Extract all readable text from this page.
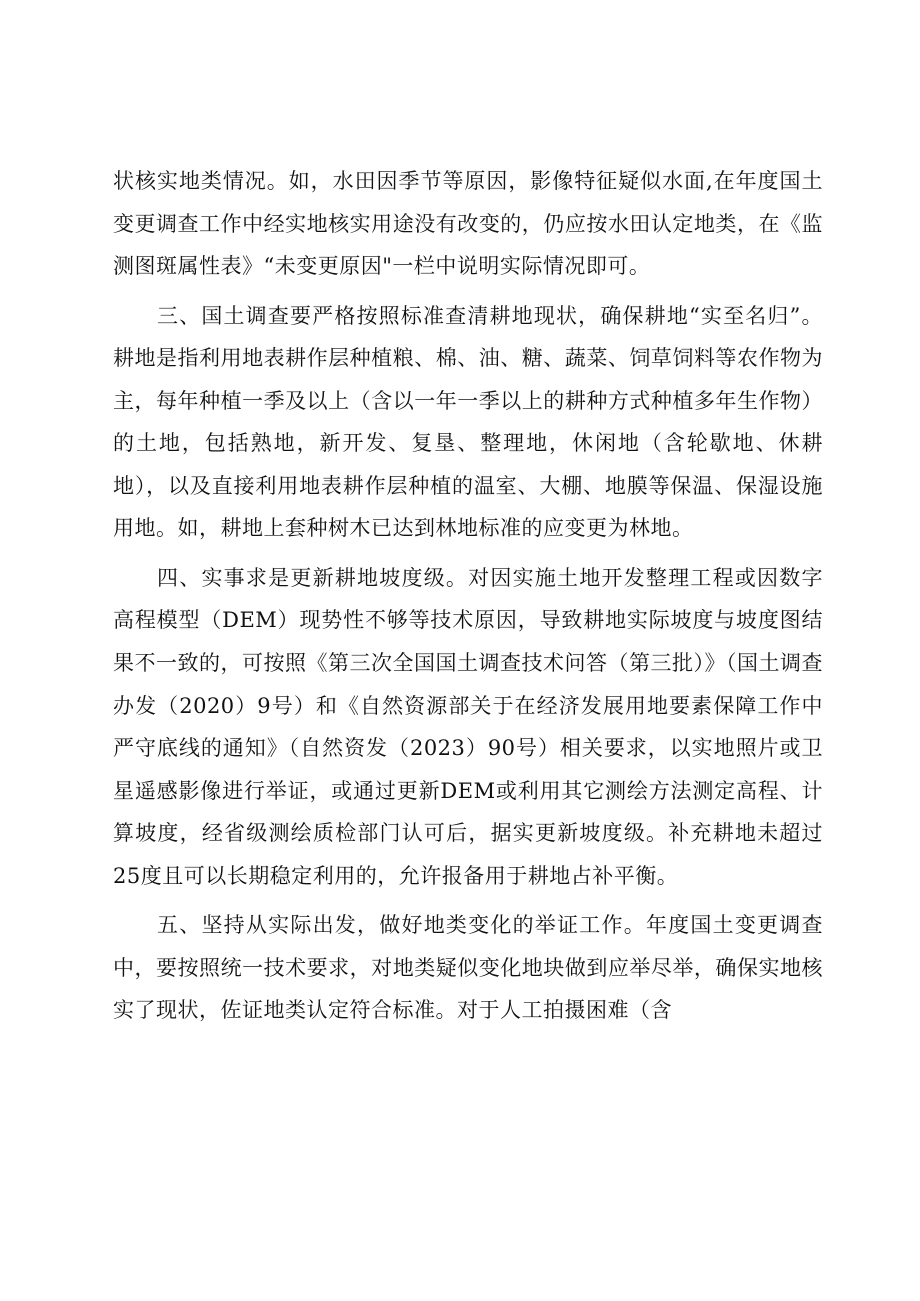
状核实地类情况。如，水田因季节等原因，影像特征疑似水面,在年度国土变更调查工作中经实地核实用途没有改变的，仍应按水田认定地类，在《监测图斑属性表》“未变更原因"一栏中说明实际情况即可。

三、国土调查要严格按照标准查清耕地现状，确保耕地“实至名归”。耕地是指利用地表耕作层种植粮、棉、油、糖、蔬菜、饲草饲料等农作物为主，每年种植一季及以上（含以一年一季以上的耕种方式种植多年生作物）的土地，包括熟地，新开发、复垦、整理地，休闲地（含轮歇地、休耕地），以及直接利用地表耕作层种植的温室、大棚、地膜等保温、保湿设施用地。如，耕地上套种树木已达到林地标准的应变更为林地。

四、实事求是更新耕地坡度级。对因实施土地开发整理工程或因数字高程模型（DEM）现势性不够等技术原因，导致耕地实际坡度与坡度图结果不一致的，可按照《第三次全国国土调查技术问答（第三批）》（国土调查办发（2020）9号）和《自然资源部关于在经济发展用地要素保障工作中严守底线的通知》（自然资发（2023）90号）相关要求，以实地照片或卫星遥感影像进行举证，或通过更新DEM或利用其它测绘方法测定高程、计算坡度，经省级测绘质检部门认可后，据实更新坡度级。补充耕地未超过25度且可以长期稳定利用的，允许报备用于耕地占补平衡。

五、坚持从实际出发，做好地类变化的举证工作。年度国土变更调查中，要按照统一技术要求，对地类疑似变化地块做到应举尽举，确保实地核实了现状，佐证地类认定符合标准。对于人工拍摄困难（含
